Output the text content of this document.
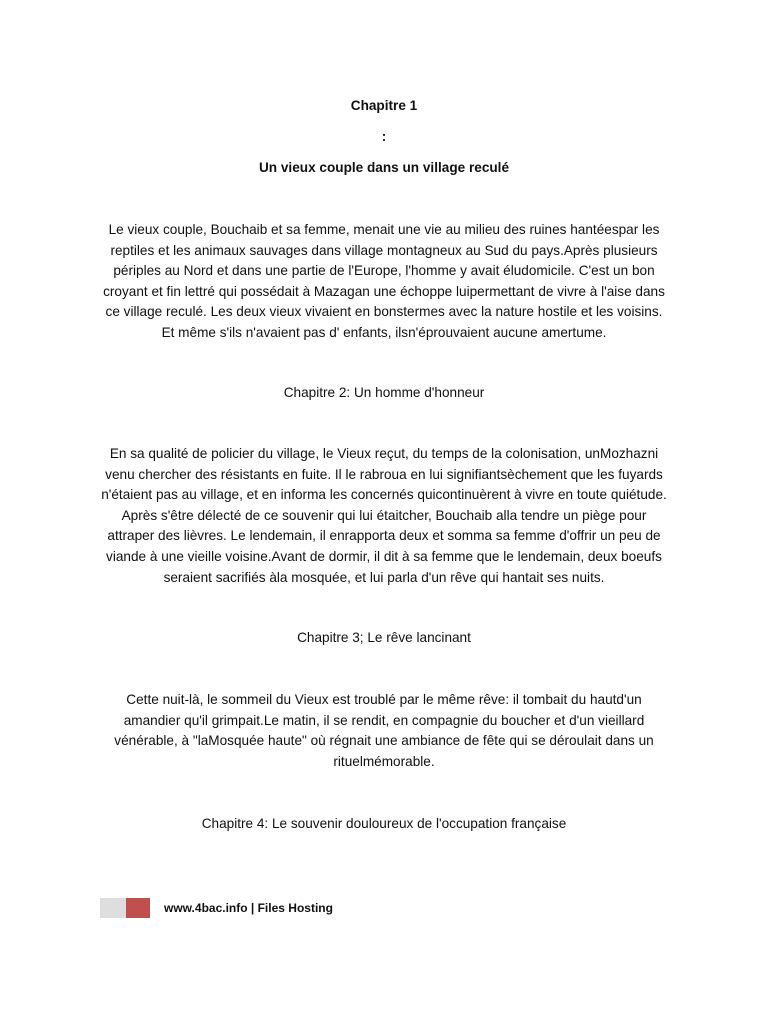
Chapitre 1
:
Un vieux couple dans un village reculé

Le vieux couple, Bouchaib et sa femme, menait une vie au milieu des ruines hantéespar les reptiles et les animaux sauvages dans village montagneux au Sud du pays.Après plusieurs périples au Nord et dans une partie de l'Europe, l'homme y avait éludomicile. C'est un bon croyant et fin lettré qui possédait à Mazagan une échoppe luipermettant de vivre à l'aise dans ce village reculé. Les deux vieux vivaient en bonstermes avec la nature hostile et les voisins. Et même s'ils n'avaient pas d' enfants, ilsn'éprouvaient aucune amertume.

Chapitre 2: Un homme d'honneur

En sa qualité de policier du village, le Vieux reçut, du temps de la colonisation, unMozhazni venu chercher des résistants en fuite. Il le rabroua en lui signifiantsèchement que les fuyards n'étaient pas au village, et en informa les concernés quicontinuèrent à vivre en toute quiétude. Après s'être délecté de ce souvenir qui lui étaitcher, Bouchaib alla tendre un piège pour attraper des lièvres. Le lendemain, il enrapporta deux et somma sa femme d'offrir un peu de viande à une vieille voisine.Avant de dormir, il dit à sa femme que le lendemain, deux boeufs seraient sacrifiés àla mosquée, et lui parla d'un rêve qui hantait ses nuits.

Chapitre 3; Le rêve lancinant

Cette nuit-là, le sommeil du Vieux est troublé par le même rêve: il tombait du hautd'un amandier qu'il grimpait.Le matin, il se rendit, en compagnie du boucher et d'un vieillard vénérable, à "laMosquée haute" où régnait une ambiance de fête qui se déroulait dans un rituelmémorable.

Chapitre 4: Le souvenir douloureux de l'occupation française
www.4bac.info | Files Hosting
